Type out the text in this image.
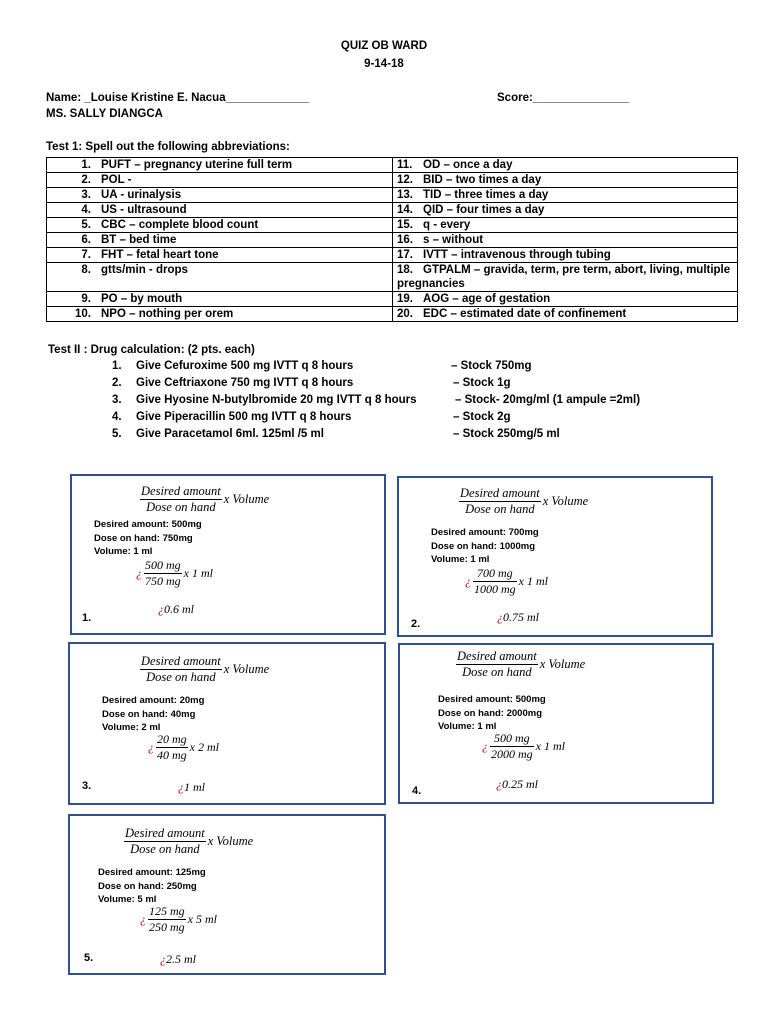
QUIZ OB WARD
9-14-18
Name: _Louise Kristine E. Nacua_____________	Score:_______________
MS. SALLY DIANGCA
Test 1: Spell out the following abbreviations:
1. PUFT – pregnancy uterine full term	11. OD – once a day
2. POL -	12. BID – two times a day
3. UA - urinalysis	13. TID – three times a day
4. US - ultrasound	14. QID – four times a day
5. CBC – complete blood count	15. q - every
6. BT – bed time	16. s – without
7. FHT – fetal heart tone	17. IVTT – intravenous through tubing
8. gtts/min - drops	18. GTPALM – gravida, term, pre term, abort, living, multiple pregnancies
9. PO – by mouth	19. AOG – age of gestation
10. NPO – nothing per orem	20. EDC – estimated date of confinement
Test II : Drug calculation: (2 pts. each)
1. Give Cefuroxime 500 mg IVTT q 8 hours	– Stock 750mg
2. Give Ceftriaxone 750 mg IVTT q 8 hours	– Stock 1g
3. Give Hyosine N-butylbromide 20 mg IVTT q 8 hours	– Stock- 20mg/ml (1 ampule =2ml)
4. Give Piperacillin 500 mg IVTT q 8 hours	– Stock 2g
5. Give Paracetamol 6ml. 125ml /5 ml	– Stock 250mg/5 ml
Desired amount
Dose on hand
x Volume
Desired amount: 500mg
Dose on hand: 750mg
Volume: 1 ml
¿ $\frac{500 mg}{750 mg}$ x 1 ml
¿0.6 ml
1.
Desired amount
Dose on hand
x Volume
Desired amount: 700mg
Dose on hand: 1000mg
Volume: 1 ml
¿ $\frac{700 mg}{1000 mg}$ x 1 ml
¿0.75 ml
2.
Desired amount
Dose on hand
x Volume
Desired amount: 20mg
Dose on hand: 40mg
Volume: 2 ml
¿ $\frac{20 mg}{40 mg}$ x 2 ml
¿1 ml
3.
Desired amount
Dose on hand
x Volume
Desired amount: 500mg
Dose on hand: 2000mg
Volume: 1 ml
¿ $\frac{500 mg}{2000 mg}$ x 1 ml
¿0.25 ml
4.
Desired amount
Dose on hand
x Volume
Desired amount: 125mg
Dose on hand: 250mg
Volume: 5 ml
¿ $\frac{125 mg}{250 mg}$ x 5 ml
¿2.5 ml
5.
